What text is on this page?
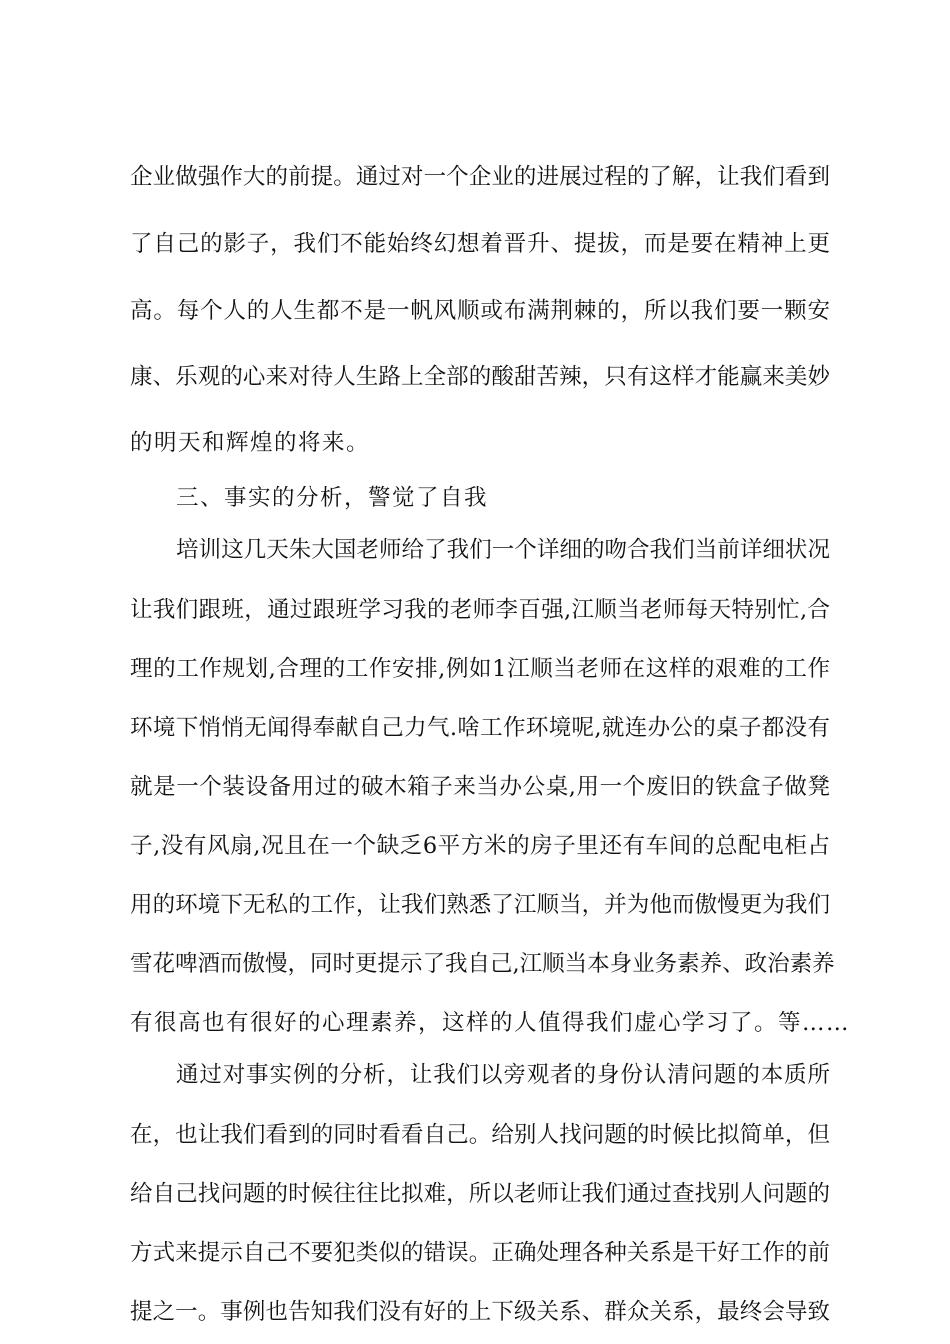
企业做强作大的前提。通过对一个企业的进展过程的了解，让我们看到
了自己的影子，我们不能始终幻想着晋升、提拔，而是要在精神上更
高。每个人的人生都不是一帆风顺或布满荆棘的，所以我们要一颗安
康、乐观的心来对待人生路上全部的酸甜苦辣，只有这样才能赢来美妙
的明天和辉煌的将来。
三、事实的分析，警觉了自我
培训这几天朱大国老师给了我们一个详细的吻合我们当前详细状况
让我们跟班，通过跟班学习我的老师李百强,江顺当老师每天特别忙,合
理的工作规划,合理的工作安排,例如1江顺当老师在这样的艰难的工作
环境下悄悄无闻得奉献自己力气.啥工作环境呢,就连办公的桌子都没有
就是一个装设备用过的破木箱子来当办公桌,用一个废旧的铁盒子做凳
子,没有风扇,况且在一个缺乏6平方米的房子里还有车间的总配电柜占
用的环境下无私的工作，让我们熟悉了江顺当，并为他而傲慢更为我们
雪花啤酒而傲慢，同时更提示了我自己,江顺当本身业务素养、政治素养
有很高也有很好的心理素养，这样的人值得我们虚心学习了。等……
通过对事实例的分析，让我们以旁观者的身份认清问题的本质所
在，也让我们看到的同时看看自己。给别人找问题的时候比拟简单，但
给自己找问题的时候往往比拟难，所以老师让我们通过查找别人问题的
方式来提示自己不要犯类似的错误。正确处理各种关系是干好工作的前
提之一。事例也告知我们没有好的上下级关系、群众关系，最终会导致
